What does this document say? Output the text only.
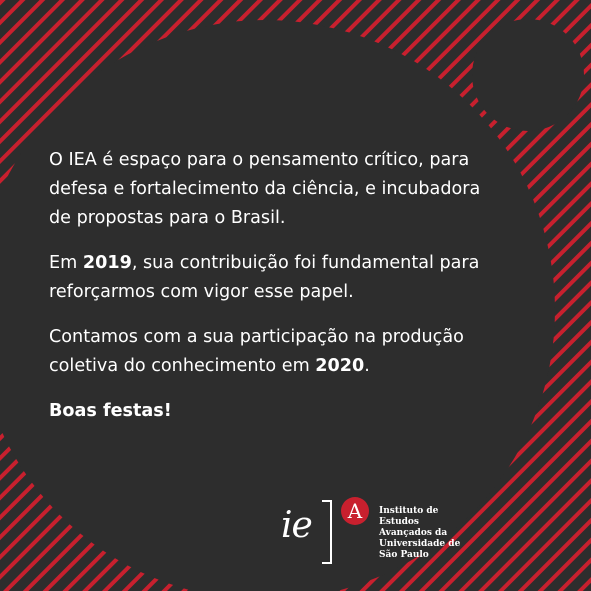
O IEA é espaço para o pensamento crítico, para defesa e fortalecimento da ciência, e incubadora de propostas para o Brasil.

Em 2019, sua contribuição foi fundamental para reforçarmos com vigor esse papel.

Contamos com a sua participação na produção coletiva do conhecimento em 2020.

Boas festas!

ie	A	Instituto de
Estudos
Avançados da
Universidade de
São Paulo
